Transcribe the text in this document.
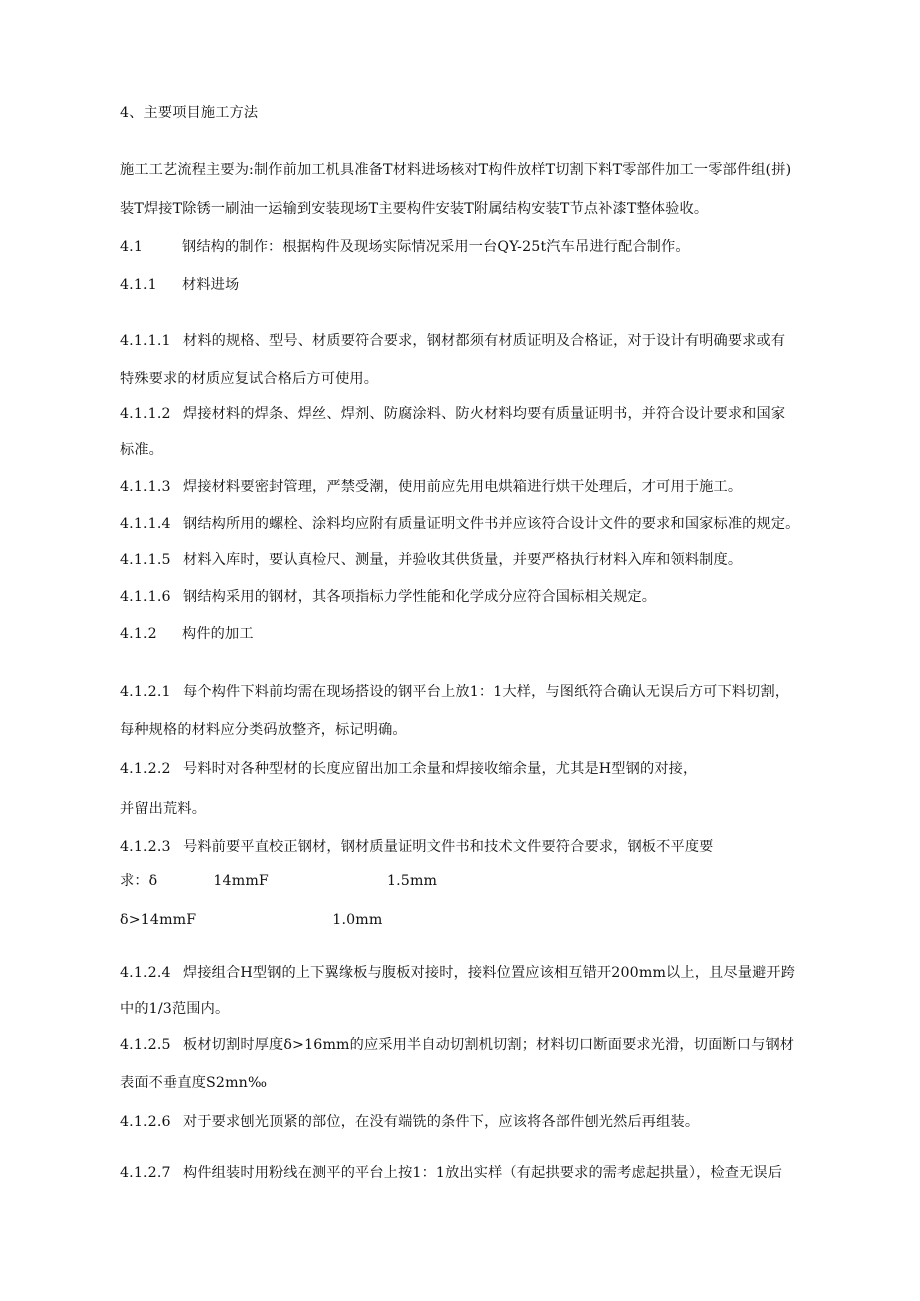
4、主要项目施工方法
施工工艺流程主要为:制作前加工机具准备T材料进场核对T构件放样T切割下料T零部件加工一零部件组(拼)
装T焊接T除锈一刷油一运输到安装现场T主要构件安装T附属结构安装T节点补漆T整体验收。
4.1	钢结构的制作：根据构件及现场实际情况采用一台QY-25t汽车吊进行配合制作。
4.1.1 材料进场
4.1.1.1 材料的规格、型号、材质要符合要求，钢材都须有材质证明及合格证，对于设计有明确要求或有
特殊要求的材质应复试合格后方可使用。
4.1.1.2 焊接材料的焊条、焊丝、焊剂、防腐涂料、防火材料均要有质量证明书，并符合设计要求和国家
标准。
4.1.1.3 焊接材料要密封管理，严禁受潮，使用前应先用电烘箱进行烘干处理后，才可用于施工。
4.1.1.4 钢结构所用的螺栓、涂料均应附有质量证明文件书并应该符合设计文件的要求和国家标准的规定。
4.1.1.5 材料入库时，要认真检尺、测量，并验收其供货量，并要严格执行材料入库和领料制度。
4.1.1.6 钢结构采用的钢材，其各项指标力学性能和化学成分应符合国标相关规定。
4.1.2 构件的加工
4.1.2.1 每个构件下料前均需在现场搭设的钢平台上放1：1大样，与图纸符合确认无误后方可下料切割，
每种规格的材料应分类码放整齐，标记明确。
4.1.2.2 号料时对各种型材的长度应留出加工余量和焊接收缩余量，尤其是H型钢的对接，
并留出荒料。
4.1.2.3 号料前要平直校正钢材，钢材质量证明文件书和技术文件要符合要求，钢板不平度要
求：δ	14mmF	1.5mm
δ>14mmF	1.0mm
4.1.2.4 焊接组合H型钢的上下翼缘板与腹板对接时，接料位置应该相互错开200mm以上，且尽量避开跨
中的1/3范围内。
4.1.2.5 板材切割时厚度δ>16mm的应采用半自动切割机切割；材料切口断面要求光滑，切面断口与钢材
表面不垂直度S2mn‰
4.1.2.6 对于要求刨光顶紧的部位，在没有端铣的条件下，应该将各部件刨光然后再组装。
4.1.2.7 构件组装时用粉线在测平的平台上按1：1放出实样（有起拱要求的需考虑起拱量），检查无误后
